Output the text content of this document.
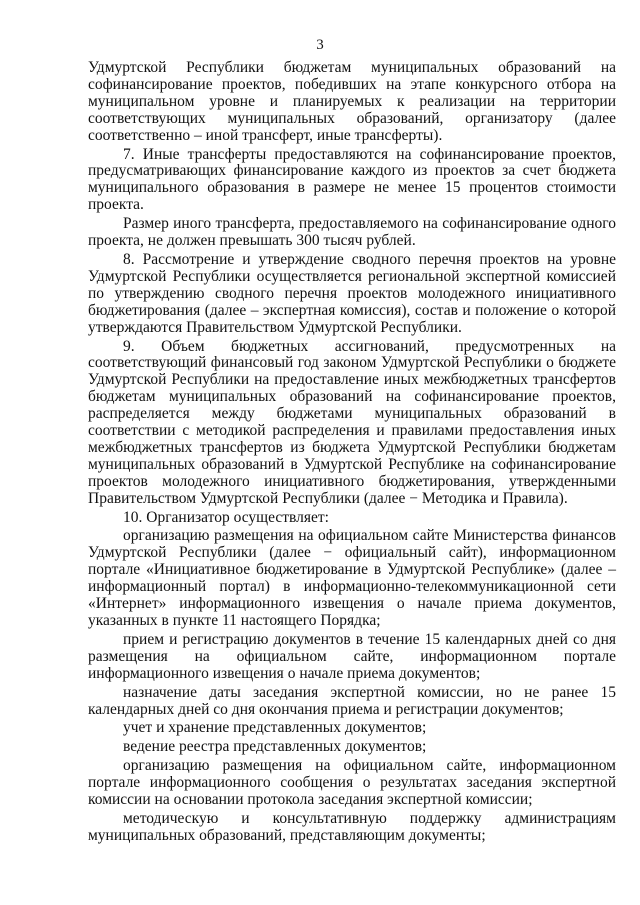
3

Удмуртской Республики бюджетам муниципальных образований на софинансирование проектов, победивших на этапе конкурсного отбора на муниципальном уровне и планируемых к реализации на территории соответствующих муниципальных образований, организатору (далее соответственно – иной трансферт, иные трансферты).

7. Иные трансферты предоставляются на софинансирование проектов, предусматривающих финансирование каждого из проектов за счет бюджета муниципального образования в размере не менее 15 процентов стоимости проекта.

Размер иного трансферта, предоставляемого на софинансирование одного проекта, не должен превышать 300 тысяч рублей.

8. Рассмотрение и утверждение сводного перечня проектов на уровне Удмуртской Республики осуществляется региональной экспертной комиссией по утверждению сводного перечня проектов молодежного инициативного бюджетирования (далее – экспертная комиссия), состав и положение о которой утверждаются Правительством Удмуртской Республики.

9. Объем бюджетных ассигнований, предусмотренных на соответствующий финансовый год законом Удмуртской Республики о бюджете Удмуртской Республики на предоставление иных межбюджетных трансфертов бюджетам муниципальных образований на софинансирование проектов, распределяется между бюджетами муниципальных образований в соответствии с методикой распределения и правилами предоставления иных межбюджетных трансфертов из бюджета Удмуртской Республики бюджетам муниципальных образований в Удмуртской Республике на софинансирование проектов молодежного инициативного бюджетирования, утвержденными Правительством Удмуртской Республики (далее − Методика и Правила).

10. Организатор осуществляет:

организацию размещения на официальном сайте Министерства финансов Удмуртской Республики (далее − официальный сайт), информационном портале «Инициативное бюджетирование в Удмуртской Республике» (далее – информационный портал) в информационно-телекоммуникационной сети «Интернет» информационного извещения о начале приема документов, указанных в пункте 11 настоящего Порядка;

прием и регистрацию документов в течение 15 календарных дней со дня размещения на официальном сайте, информационном портале информационного извещения о начале приема документов;

назначение даты заседания экспертной комиссии, но не ранее 15 календарных дней со дня окончания приема и регистрации документов;

учет и хранение представленных документов;

ведение реестра представленных документов;

организацию размещения на официальном сайте, информационном портале информационного сообщения о результатах заседания экспертной комиссии на основании протокола заседания экспертной комиссии;

методическую и консультативную поддержку администрациям муниципальных образований, представляющим документы;
